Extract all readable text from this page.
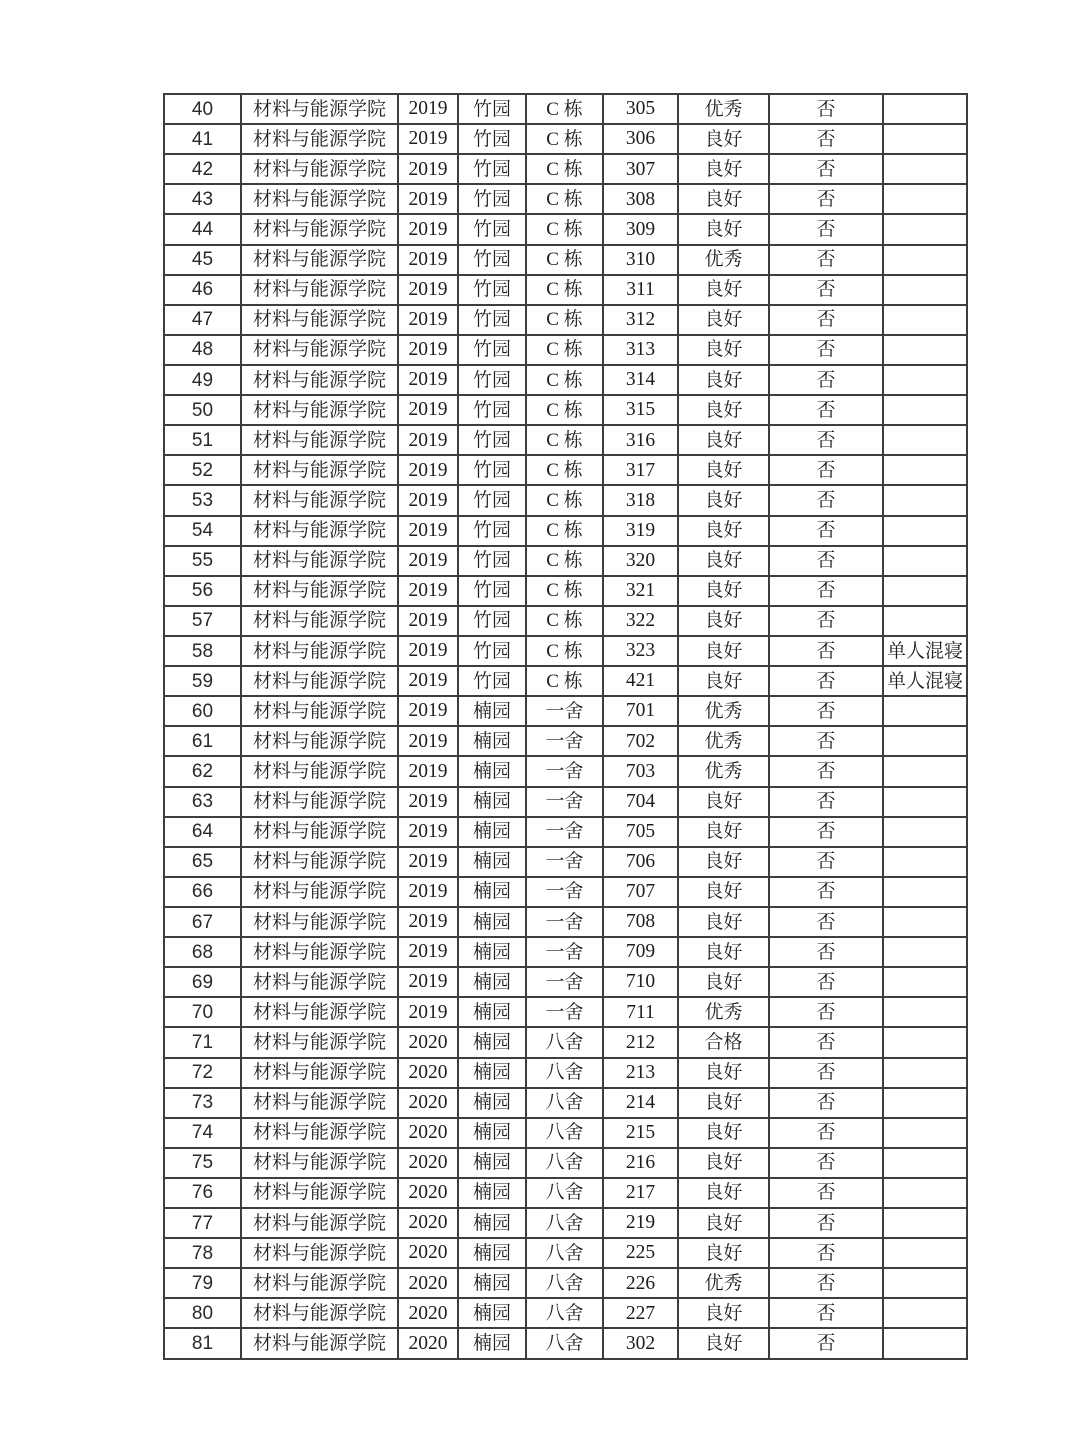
40	材料与能源学院	2019	竹园	C 栋	305	优秀	否	
41	材料与能源学院	2019	竹园	C 栋	306	良好	否	
42	材料与能源学院	2019	竹园	C 栋	307	良好	否	
43	材料与能源学院	2019	竹园	C 栋	308	良好	否	
44	材料与能源学院	2019	竹园	C 栋	309	良好	否	
45	材料与能源学院	2019	竹园	C 栋	310	优秀	否	
46	材料与能源学院	2019	竹园	C 栋	311	良好	否	
47	材料与能源学院	2019	竹园	C 栋	312	良好	否	
48	材料与能源学院	2019	竹园	C 栋	313	良好	否	
49	材料与能源学院	2019	竹园	C 栋	314	良好	否	
50	材料与能源学院	2019	竹园	C 栋	315	良好	否	
51	材料与能源学院	2019	竹园	C 栋	316	良好	否	
52	材料与能源学院	2019	竹园	C 栋	317	良好	否	
53	材料与能源学院	2019	竹园	C 栋	318	良好	否	
54	材料与能源学院	2019	竹园	C 栋	319	良好	否	
55	材料与能源学院	2019	竹园	C 栋	320	良好	否	
56	材料与能源学院	2019	竹园	C 栋	321	良好	否	
57	材料与能源学院	2019	竹园	C 栋	322	良好	否	
58	材料与能源学院	2019	竹园	C 栋	323	良好	否	单人混寝
59	材料与能源学院	2019	竹园	C 栋	421	良好	否	单人混寝
60	材料与能源学院	2019	楠园	一舍	701	优秀	否	
61	材料与能源学院	2019	楠园	一舍	702	优秀	否	
62	材料与能源学院	2019	楠园	一舍	703	优秀	否	
63	材料与能源学院	2019	楠园	一舍	704	良好	否	
64	材料与能源学院	2019	楠园	一舍	705	良好	否	
65	材料与能源学院	2019	楠园	一舍	706	良好	否	
66	材料与能源学院	2019	楠园	一舍	707	良好	否	
67	材料与能源学院	2019	楠园	一舍	708	良好	否	
68	材料与能源学院	2019	楠园	一舍	709	良好	否	
69	材料与能源学院	2019	楠园	一舍	710	良好	否	
70	材料与能源学院	2019	楠园	一舍	711	优秀	否	
71	材料与能源学院	2020	楠园	八舍	212	合格	否	
72	材料与能源学院	2020	楠园	八舍	213	良好	否	
73	材料与能源学院	2020	楠园	八舍	214	良好	否	
74	材料与能源学院	2020	楠园	八舍	215	良好	否	
75	材料与能源学院	2020	楠园	八舍	216	良好	否	
76	材料与能源学院	2020	楠园	八舍	217	良好	否	
77	材料与能源学院	2020	楠园	八舍	219	良好	否	
78	材料与能源学院	2020	楠园	八舍	225	良好	否	
79	材料与能源学院	2020	楠园	八舍	226	优秀	否	
80	材料与能源学院	2020	楠园	八舍	227	良好	否	
81	材料与能源学院	2020	楠园	八舍	302	良好	否	
